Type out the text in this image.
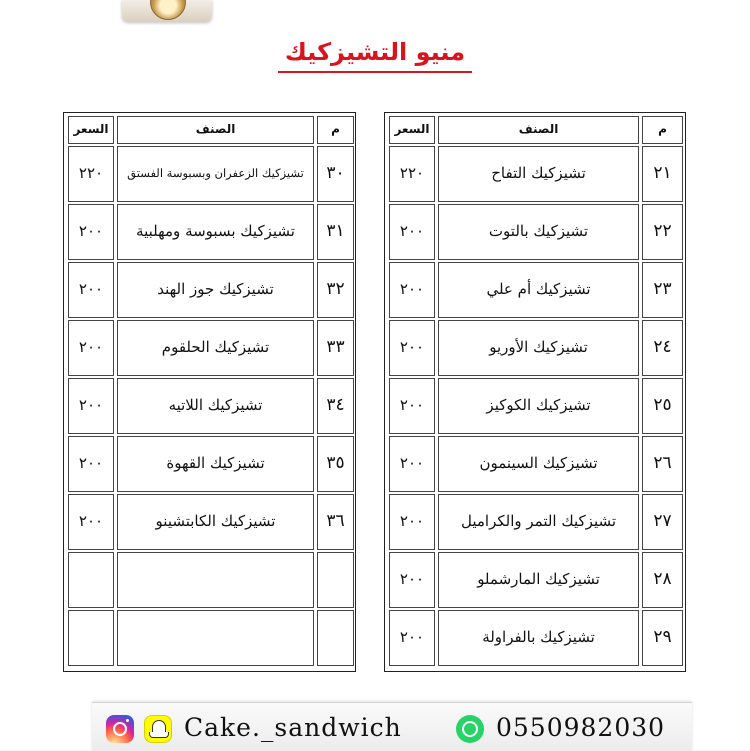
منيو التشيزكيك
السعر	الصنف	م
٢٢٠	تشيزكيك الزعفران وبسبوسة الفستق	٣٠
٢٠٠	تشيزكيك بسبوسة ومهلبية	٣١
٢٠٠	تشيزكيك جوز الهند	٣٢
٢٠٠	تشيزكيك الحلقوم	٣٣
٢٠٠	تشيزكيك اللاتيه	٣٤
٢٠٠	تشيزكيك القهوة	٣٥
٢٠٠	تشيزكيك الكابتشينو	٣٦
السعر	الصنف	م
٢٢٠	تشيزكيك التفاح	٢١
٢٠٠	تشيزكيك بالتوت	٢٢
٢٠٠	تشيزكيك أم علي	٢٣
٢٠٠	تشيزكيك الأوريو	٢٤
٢٠٠	تشيزكيك الكوكيز	٢٥
٢٠٠	تشيزكيك السينمون	٢٦
٢٠٠	تشيزكيك التمر والكراميل	٢٧
٢٠٠	تشيزكيك المارشملو	٢٨
٢٠٠	تشيزكيك بالفراولة	٢٩
Cake._sandwich	0550982030
